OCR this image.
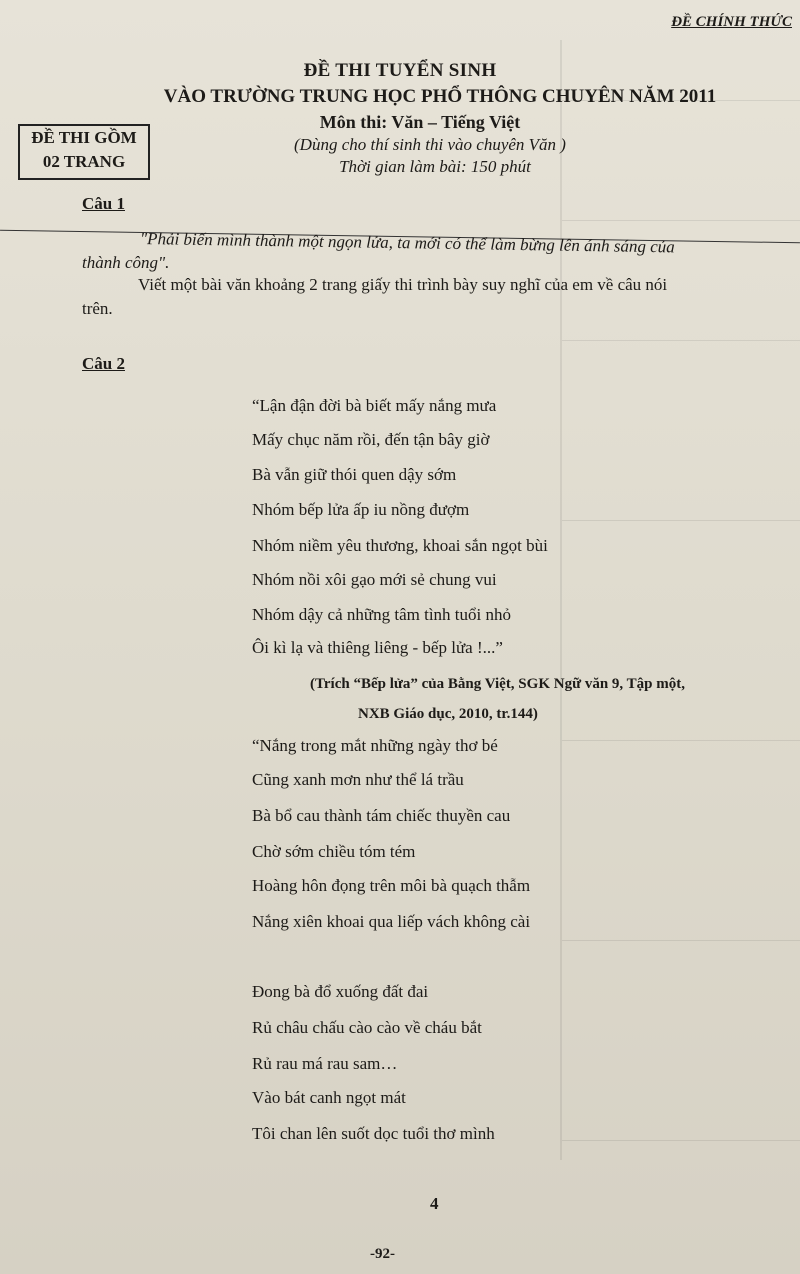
ĐỀ CHÍNH THỨC
ĐỀ THI TUYỂN SINH
VÀO TRƯỜNG TRUNG HỌC PHỔ THÔNG CHUYÊN NĂM 2011
Môn thi: Văn – Tiếng Việt
(Dùng cho thí sinh thi vào chuyên Văn )
Thời gian làm bài: 150 phút
ĐỀ THI GỒM
02 TRANG
Câu 1
"Phải biến mình thành một ngọn lửa, ta mới có thể làm bừng lên ánh sáng của
thành công".
Viết một bài văn khoảng 2 trang giấy thi trình bày suy nghĩ của em về câu nói
trên.
Câu 2
“Lận đận đời bà biết mấy nắng mưa
Mấy chục năm rồi, đến tận bây giờ
Bà vẫn giữ thói quen dậy sớm
Nhóm bếp lửa ấp iu nồng đượm
Nhóm niềm yêu thương, khoai sắn ngọt bùi
Nhóm nồi xôi gạo mới sẻ chung vui
Nhóm dậy cả những tâm tình tuổi nhỏ
Ôi kì lạ và thiêng liêng - bếp lửa !...”
(Trích “Bếp lửa” của Bằng Việt, SGK Ngữ văn 9, Tập một,
NXB Giáo dục, 2010, tr.144)
“Nắng trong mắt những ngày thơ bé
Cũng xanh mơn như thể lá trầu
Bà bổ cau thành tám chiếc thuyền cau
Chờ sớm chiều tóm tém
Hoàng hôn đọng trên môi bà quạch thẫm
Nắng xiên khoai qua liếp vách không cài
Đong bà đổ xuống đất đai
Rủ châu chấu cào cào về cháu bắt
Rủ rau má rau sam…
Vào bát canh ngọt mát
Tôi chan lên suốt dọc tuổi thơ mình
4
-92-
